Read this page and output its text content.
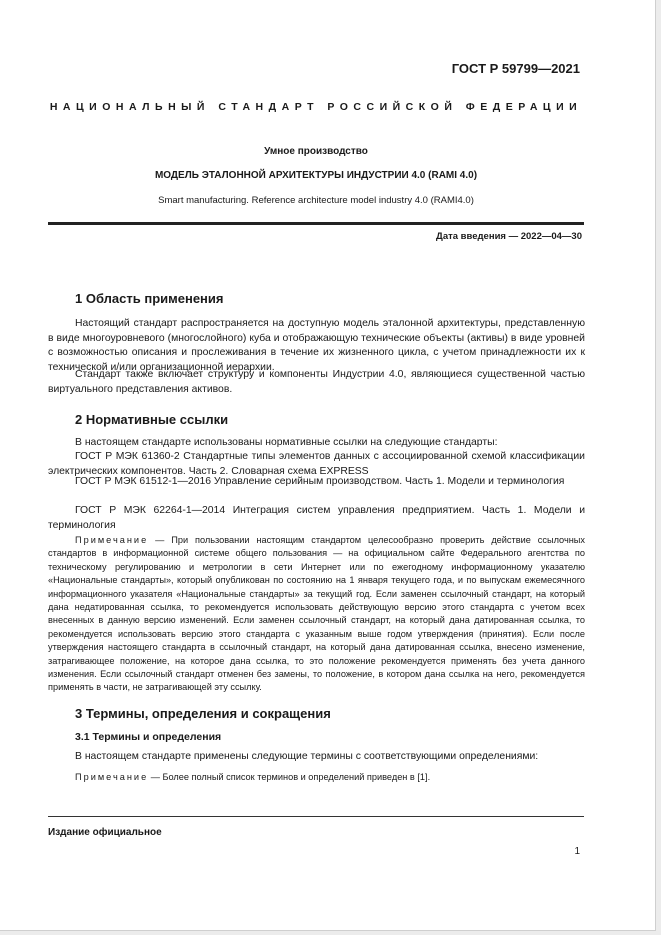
ГОСТ Р 59799—2021
НАЦИОНАЛЬНЫЙ СТАНДАРТ РОССИЙСКОЙ ФЕДЕРАЦИИ
Умное производство
МОДЕЛЬ ЭТАЛОННОЙ АРХИТЕКТУРЫ ИНДУСТРИИ 4.0 (RAMI 4.0)
Smart manufacturing. Reference architecture model industry 4.0 (RAMI4.0)
Дата введения — 2022—04—30
1 Область применения
Настоящий стандарт распространяется на доступную модель эталонной архитектуры, представленную в виде многоуровневого (многослойного) куба и отображающую технические объекты (активы) в виде уровней с возможностью описания и прослеживания в течение их жизненного цикла, с учетом принадлежности их к технической и/или организационной иерархии.
Стандарт также включает структуру и компоненты Индустрии 4.0, являющиеся существенной частью виртуального представления активов.
2 Нормативные ссылки
В настоящем стандарте использованы нормативные ссылки на следующие стандарты:
ГОСТ Р МЭК 61360-2 Стандартные типы элементов данных с ассоциированной схемой классификации электрических компонентов. Часть 2. Словарная схема EXPRESS
ГОСТ Р МЭК 61512-1—2016 Управление серийным производством. Часть 1. Модели и терминология
ГОСТ Р МЭК 62264-1—2014 Интеграция систем управления предприятием. Часть 1. Модели и терминология
Примечание — При пользовании настоящим стандартом целесообразно проверить действие ссылочных стандартов в информационной системе общего пользования — на официальном сайте Федерального агентства по техническому регулированию и метрологии в сети Интернет или по ежегодному информационному указателю «Национальные стандарты», который опубликован по состоянию на 1 января текущего года, и по выпускам ежемесячного информационного указателя «Национальные стандарты» за текущий год. Если заменен ссылочный стандарт, на который дана недатированная ссылка, то рекомендуется использовать действующую версию этого стандарта с учетом всех внесенных в данную версию изменений. Если заменен ссылочный стандарт, на который дана датированная ссылка, то рекомендуется использовать версию этого стандарта с указанным выше годом утверждения (принятия). Если после утверждения настоящего стандарта в ссылочный стандарт, на который дана датированная ссылка, внесено изменение, затрагивающее положение, на которое дана ссылка, то это положение рекомендуется применять без учета данного изменения. Если ссылочный стандарт отменен без замены, то положение, в котором дана ссылка на него, рекомендуется применять в части, не затрагивающей эту ссылку.
3 Термины, определения и сокращения
3.1 Термины и определения
В настоящем стандарте применены следующие термины с соответствующими определениями:
Примечание — Более полный список терминов и определений приведен в [1].
Издание официальное
1
